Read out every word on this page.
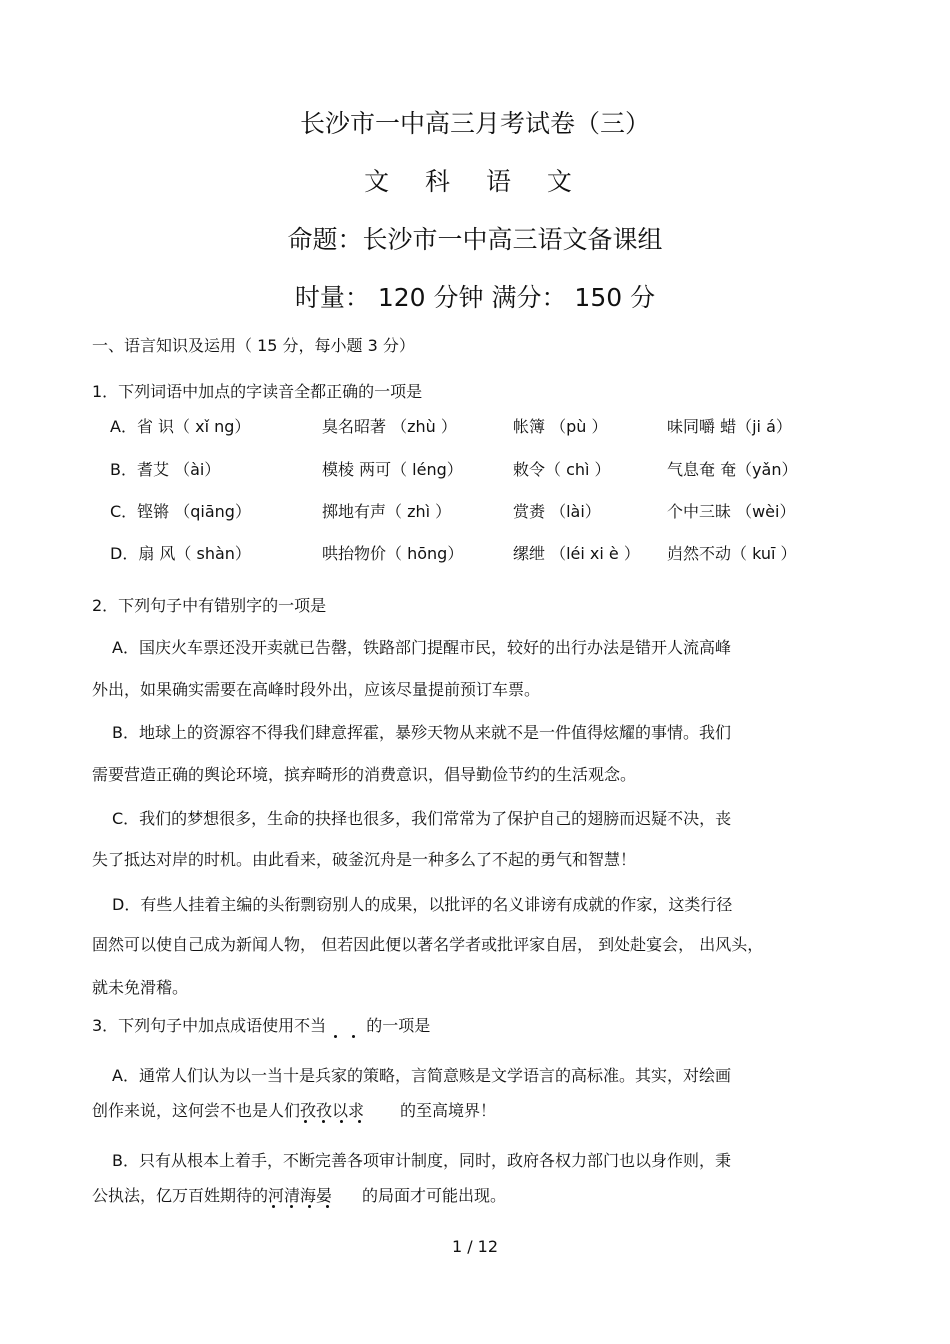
长沙市一中高三月考试卷（三）
文 科 语 文
命题：长沙市一中高三语文备课组
时量： 120 分钟 满分： 150 分
一、语言知识及运用（ 15 分，每小题 3 分）
1．下列词语中加点的字读音全都正确的一项是
A．省 识（ xǐ ng）	臭名昭著 （zhù ）	帐簿 （pù ）	味同嚼 蜡（ji á）
B．耆艾 （ài）	模棱 两可（ léng）	敕令（ chì ）	气息奄 奄（yǎn）
C．铿锵 （qiāng）	掷地有声（ zhì ）	赏赉 （lài）	个中三昧 （wèi）
D．扇 风（ shàn）	哄抬物价（ hōng）	缧绁 （léi xi è ） 岿然不动（ kuī ）
2．下列句子中有错别字的一项是
A．国庆火车票还没开卖就已告罄，铁路部门提醒市民，较好的出行办法是错开人流高峰
外出，如果确实需要在高峰时段外出，应该尽量提前预订车票。
B．地球上的资源容不得我们肆意挥霍，暴殄天物从来就不是一件值得炫耀的事情。我们
需要营造正确的舆论环境，摈弃畸形的消费意识，倡导勤俭节约的生活观念。
C．我们的梦想很多，生命的抉择也很多，我们常常为了保护自己的翅膀而迟疑不决，丧
失了抵达对岸的时机。由此看来，破釜沉舟是一种多么了不起的勇气和智慧！
D．有些人挂着主编的头衔剽窃别人的成果，以批评的名义诽谤有成就的作家，这类行径
固然可以使自己成为新闻人物， 但若因此便以著名学者或批评家自居， 到处赴宴会， 出风头，
就未免滑稽。
3．下列句子中加点成语使用不当	的一项是
A．通常人们认为以一当十是兵家的策略，言简意赅是文学语言的高标准。其实，对绘画
创作来说，这何尝不也是人们孜孜以求 的至高境界！
B．只有从根本上着手，不断完善各项审计制度，同时，政府各权力部门也以身作则，秉
公执法，亿万百姓期待的河清海晏 的局面才可能出现。
1 / 12
